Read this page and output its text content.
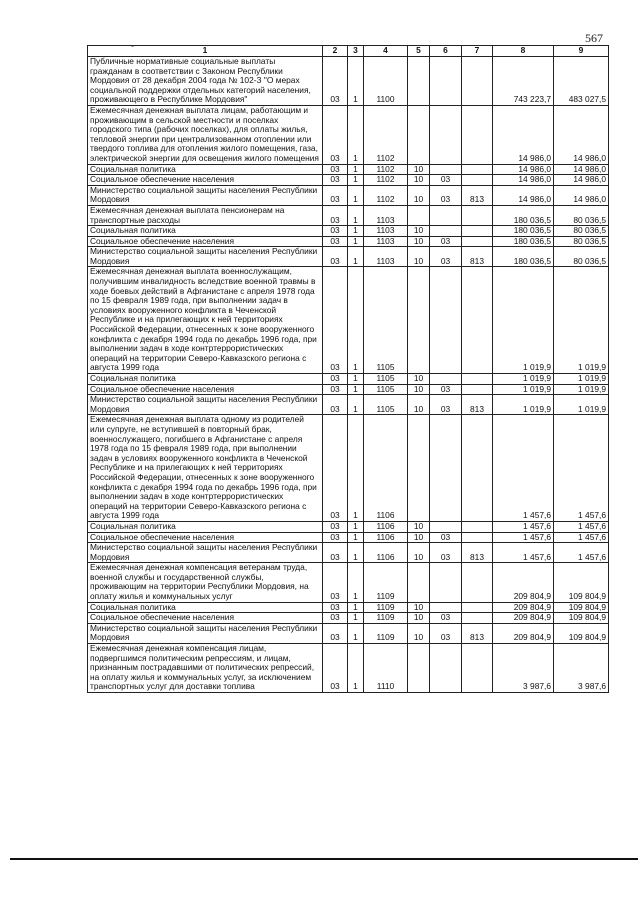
567
-	1	2	3	4	5	6	7	8	9
Публичные нормативные социальные выплаты гражданам в соответствии с Законом Республики Мордовия от 28 декабря 2004 года № 102-З "О мерах социальной поддержки отдельных категорий населения, проживающего в Республике Мордовия"	03	1	1100				743 223,7	483 027,5
Ежемесячная денежная выплата лицам, работающим и проживающим в сельской местности и поселках городского типа (рабочих поселках), для оплаты жилья, тепловой энергии при централизованном отоплении или твердого топлива для отопления жилого помещения, газа, электрической энергии для освещения жилого помещения	03	1	1102				14 986,0	14 986,0
Социальная политика	03	1	1102	10			14 986,0	14 986,0
Социальное обеспечение населения	03	1	1102	10	03		14 986,0	14 986,0
Министерство социальной защиты населения Республики Мордовия	03	1	1102	10	03	813	14 986,0	14 986,0
Ежемесячная денежная выплата пенсионерам на транспортные расходы	03	1	1103				180 036,5	80 036,5
Социальная политика	03	1	1103	10			180 036,5	80 036,5
Социальное обеспечение населения	03	1	1103	10	03		180 036,5	80 036,5
Министерство социальной защиты населения Республики Мордовия	03	1	1103	10	03	813	180 036,5	80 036,5
Ежемесячная денежная выплата военнослужащим, получившим инвалидность вследствие военной травмы в ходе боевых действий в Афганистане с апреля 1978 года по 15 февраля 1989 года, при выполнении задач в условиях вооруженного конфликта в Чеченской Республике и на прилегающих к ней территориях Российской Федерации, отнесенных к зоне вооруженного конфликта с декабря 1994 года по декабрь 1996 года, при выполнении задач в ходе контртеррористических операций на территории Северо-Кавказского региона с августа 1999 года	03	1	1105				1 019,9	1 019,9
Социальная политика	03	1	1105	10			1 019,9	1 019,9
Социальное обеспечение населения	03	1	1105	10	03		1 019,9	1 019,9
Министерство социальной защиты населения Республики Мордовия	03	1	1105	10	03	813	1 019,9	1 019,9
Ежемесячная денежная выплата одному из родителей или супруге, не вступившей в повторный брак, военнослужащего, погибшего в Афганистане с апреля 1978 года по 15 февраля 1989 года, при выполнении задач в условиях вооруженного конфликта в Чеченской Республике и на прилегающих к ней территориях Российской Федерации, отнесенных к зоне вооруженного конфликта с декабря 1994 года по декабрь 1996 года, при выполнении задач в ходе контртеррористических операций на территории Северо-Кавказского региона с августа 1999 года	03	1	1106				1 457,6	1 457,6
Социальная политика	03	1	1106	10			1 457,6	1 457,6
Социальное обеспечение населения	03	1	1106	10	03		1 457,6	1 457,6
Министерство социальной защиты населения Республики Мордовия	03	1	1106	10	03	813	1 457,6	1 457,6
Ежемесячная денежная компенсация ветеранам труда, военной службы и государственной службы, проживающим на территории Республики Мордовия, на оплату жилья и коммунальных услуг	03	1	1109				209 804,9	109 804,9
Социальная политика	03	1	1109	10			209 804,9	109 804,9
Социальное обеспечение населения	03	1	1109	10	03		209 804,9	109 804,9
Министерство социальной защиты населения Республики Мордовия	03	1	1109	10	03	813	209 804,9	109 804,9
Ежемесячная денежная компенсация лицам, подвергшимся политическим репрессиям, и лицам, признанным пострадавшими от политических репрессий, на оплату жилья и коммунальных услуг, за исключением транспортных услуг для доставки топлива	03	1	1110				3 987,6	3 987,6
